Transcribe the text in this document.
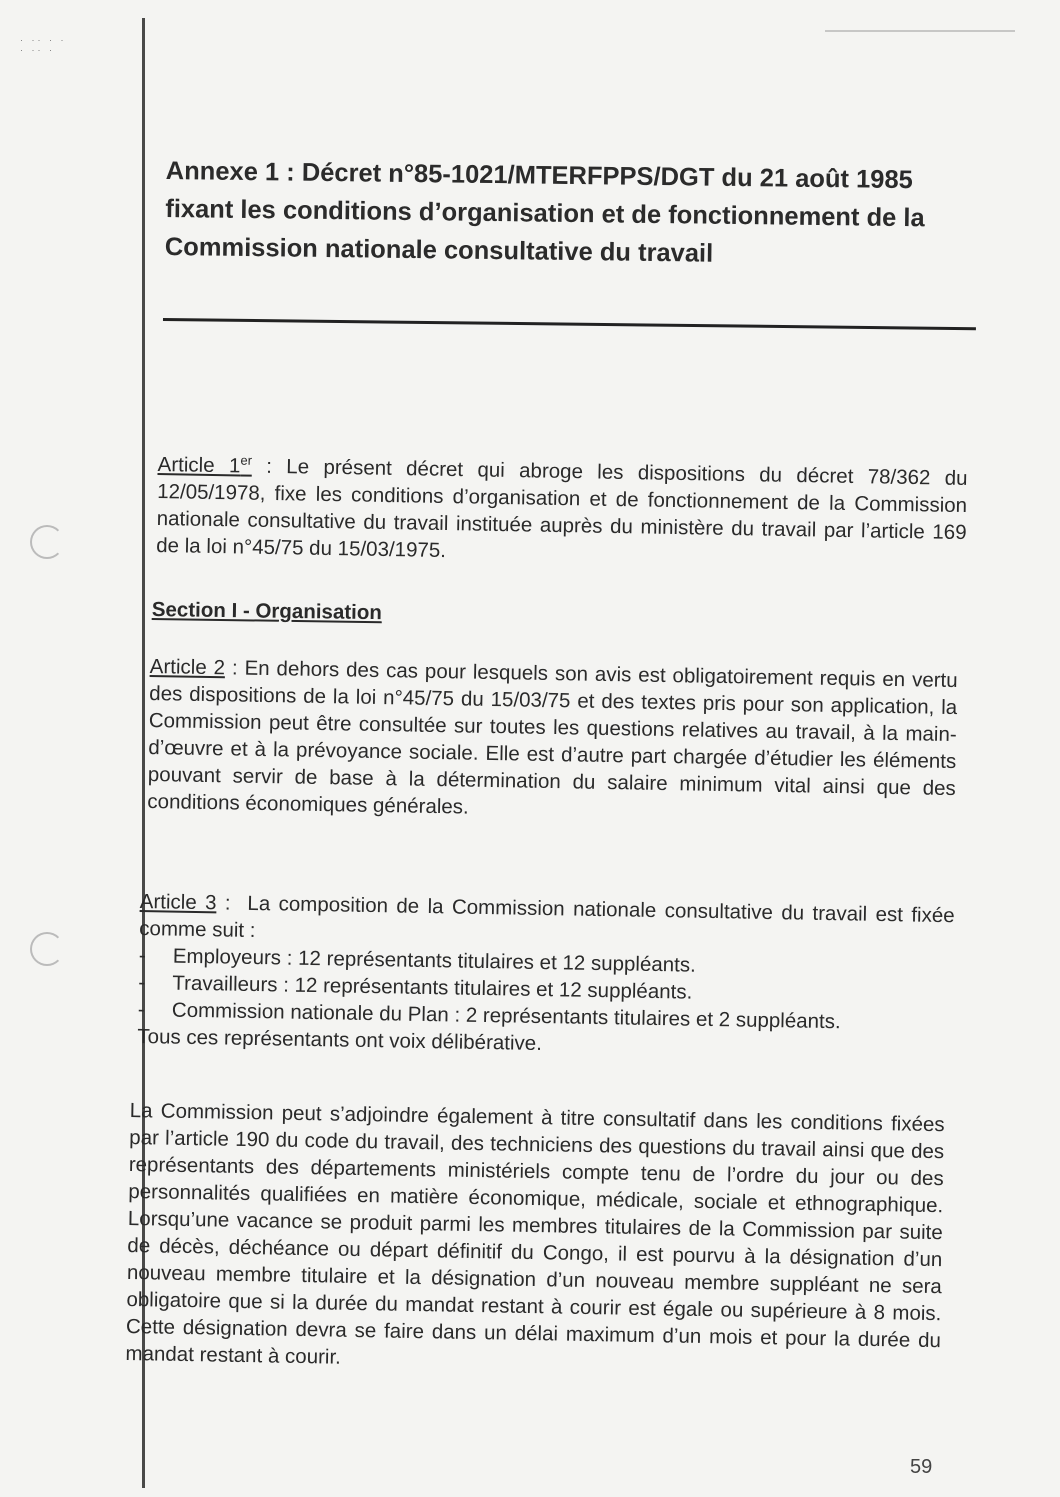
· ·· · ·
· ·· ·
Annexe 1 : Décret n°85-1021/MTERFPPS/DGT du 21 août 1985 fixant les conditions d’organisation et de fonctionnement de la Commission nationale consultative du travail

Article 1er : Le présent décret qui abroge les dispositions du décret 78/362 du 12/05/1978, fixe les conditions d’organisation et de fonctionnement de la Commission nationale consultative du travail instituée auprès du ministère du travail par l’article 169 de la loi n°45/75 du 15/03/1975.

Section I - Organisation

Article 2 : En dehors des cas pour lesquels son avis est obligatoirement requis en vertu des dispositions de la loi n°45/75 du 15/03/75 et des textes pris pour son application, la Commission peut être consultée sur toutes les questions relatives au travail, à la main-d’œuvre et à la prévoyance sociale. Elle est d’autre part chargée d’étudier les éléments pouvant servir de base à la détermination du salaire minimum vital ainsi que des conditions économiques générales.

Article 3 :  La composition de la Commission nationale consultative du travail est fixée comme suit :

-	Employeurs : 12 représentants titulaires et 12 suppléants.
-	Travailleurs : 12 représentants titulaires et 12 suppléants.
-	Commission nationale du Plan : 2 représentants titulaires et 2 suppléants.

Tous ces représentants ont voix délibérative.

La Commission peut s’adjoindre également à titre consultatif dans les conditions fixées par l’article 190 du code du travail, des techniciens des questions du travail ainsi que des représentants des départements ministériels compte tenu de l’ordre du jour ou des personnalités qualifiées en matière économique, médicale, sociale et ethnographique. Lorsqu’une vacance se produit parmi les membres titulaires de la Commission par suite de décès, déchéance ou départ définitif du Congo, il est pourvu à la désignation d’un nouveau membre titulaire et la désignation d’un nouveau membre suppléant ne sera obligatoire que si la durée du mandat restant à courir est égale ou supérieure à 8 mois. Cette désignation devra se faire dans un délai maximum d’un mois et pour la durée du mandat restant à courir.
59
